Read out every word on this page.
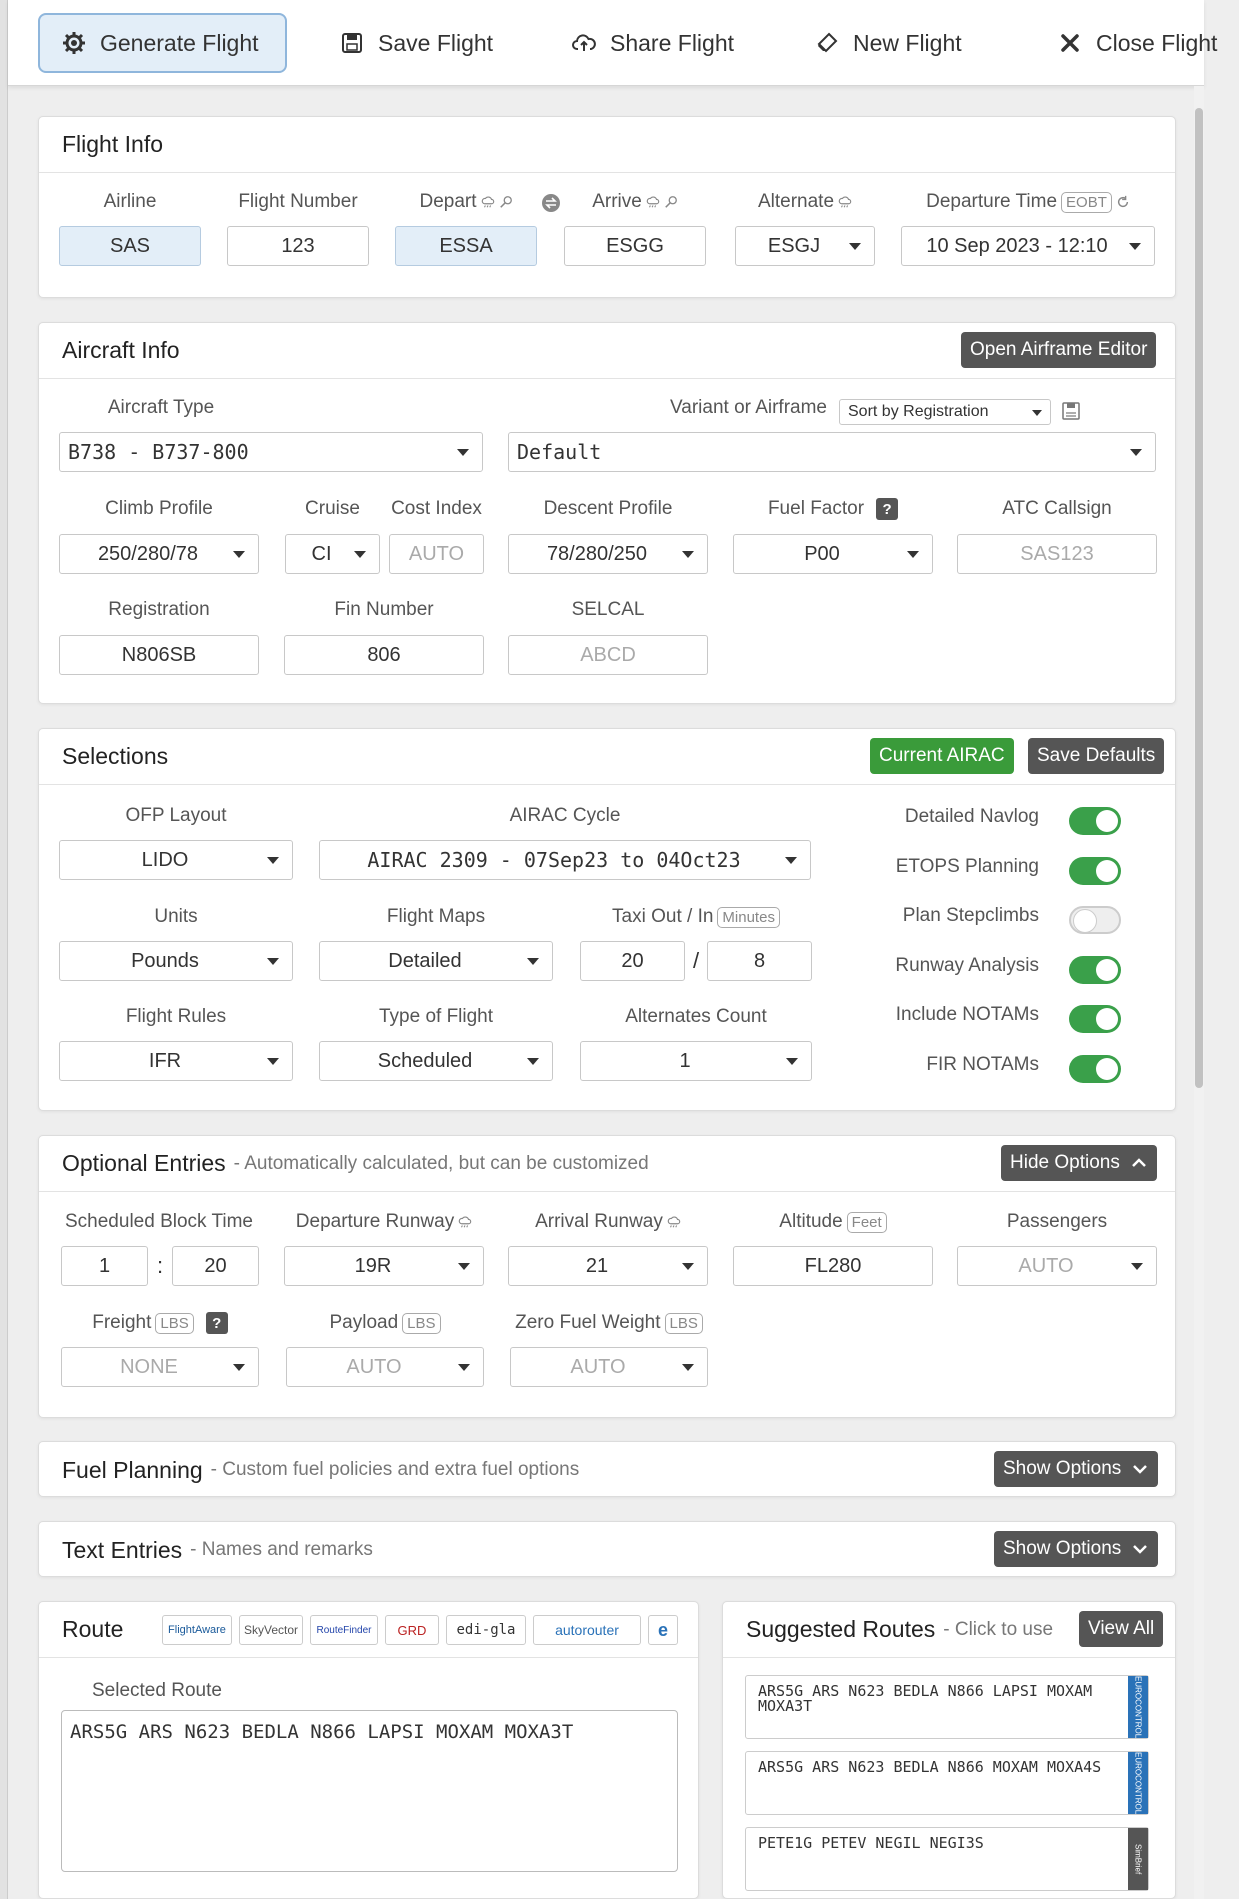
Generate Flight	Save Flight	Share Flight	New Flight	Close Flight
Flight Info
Airline
SAS
Flight Number
123
Depart
ESSA
Arrive
ESGG
Alternate
ESGJ
Departure Time EOBT
10 Sep 2023 - 12:10
Aircraft Info	Open Airframe Editor
Aircraft Type
B738 - B737-800
Variant or Airframe	Sort by Registration
Default
Climb Profile
250/280/78
Cruise
CI
Cost Index
AUTO
Descent Profile
78/280/250
Fuel Factor	?
P00
ATC Callsign
SAS123
Registration
N806SB
Fin Number
806
SELCAL
ABCD
Selections	Current AIRAC	Save Defaults
OFP Layout
LIDO
AIRAC Cycle
AIRAC 2309 - 07Sep23 to 04Oct23
Units
Pounds
Flight Maps
Detailed
Taxi Out / In Minutes
20	/	8
Flight Rules
IFR
Type of Flight
Scheduled
Alternates Count
1
Detailed Navlog
ETOPS Planning
Plan Stepclimbs
Runway Analysis
Include NOTAMs
FIR NOTAMs
Optional Entries - Automatically calculated, but can be customized	Hide Options
Scheduled Block Time
1	:	20
Departure Runway
19R
Arrival Runway
21
Altitude Feet
FL280
Passengers
AUTO
Freight LBS	?
NONE
Payload LBS
AUTO
Zero Fuel Weight LBS
AUTO
Fuel Planning - Custom fuel policies and extra fuel options	Show Options
Text Entries - Names and remarks	Show Options
Route	FlightAware	SkyVector	RouteFinder	GRD	edi-gla	autorouter	e
Selected Route
ARS5G ARS N623 BEDLA N866 LAPSI MOXAM MOXA3T
Suggested Routes - Click to use	View All
ARS5G ARS N623 BEDLA N866 LAPSI MOXAM MOXA3T	EUROCONTROL
ARS5G ARS N623 BEDLA N866 MOXAM MOXA4S	EUROCONTROL
PETE1G PETEV NEGIL NEGI3S
SimBrief
